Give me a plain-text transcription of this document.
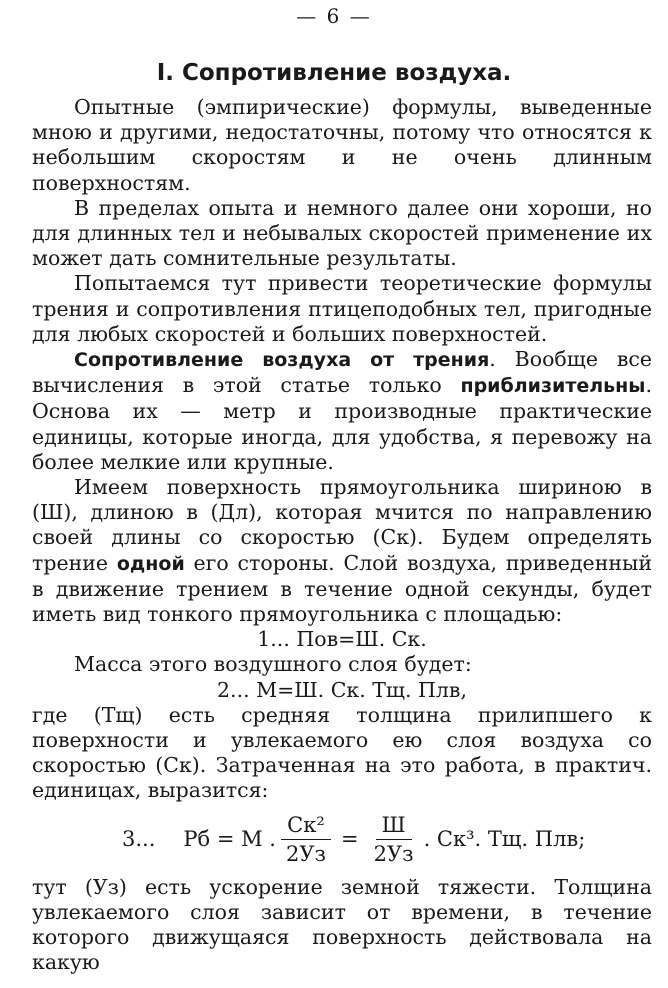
— 6 —
I. Сопротивление воздуха.

Опытные (эмпирические) формулы, выведенные мною и другими, недостаточны, потому что относятся к небольшим скоростям и не очень длинным поверхностям.

В пределах опыта и немного далее они хороши, но для длинных тел и небывалых скоростей применение их может дать сомнительные результаты.

Попытаемся тут привести теоретические формулы трения и сопротивления птицеподобных тел, пригодные для любых скоростей и больших поверхностей.

Сопротивление воздуха от трения. Вообще все вычисления в этой статье только приблизительны. Основа их — метр и производные практические единицы, которые иногда, для удобства, я перевожу на более мелкие или крупные.

Имеем поверхность прямоугольника шириною в (Ш), длиною в (Дл), которая мчится по направлению своей длины со скоростью (Ск). Будем определять трение одной его стороны. Слой воздуха, приведенный в движение трением в течение одной секунды, будет иметь вид тонкого прямоугольника с площадью:

1... Пов=Ш. Ск.

Масса этого воздушного слоя будет:

2... М=Ш. Ск. Тщ. Плв,

где (Тщ) есть средняя толщина прилипшего к поверхности и увлекаемого ею слоя воздуха со скоростью (Ск). Затраченная на это работа, в практич. единицах, выразится:

3... Рб = М . $\frac{\text{Ск²}}{2Уз} = \frac{Ш}{2Уз}$ . Ск³. Тщ. Плв;

тут (Уз) есть ускорение земной тяжести. Толщина увлекаемого слоя зависит от времени, в течение которого движущаяся поверхность действовала на какую
